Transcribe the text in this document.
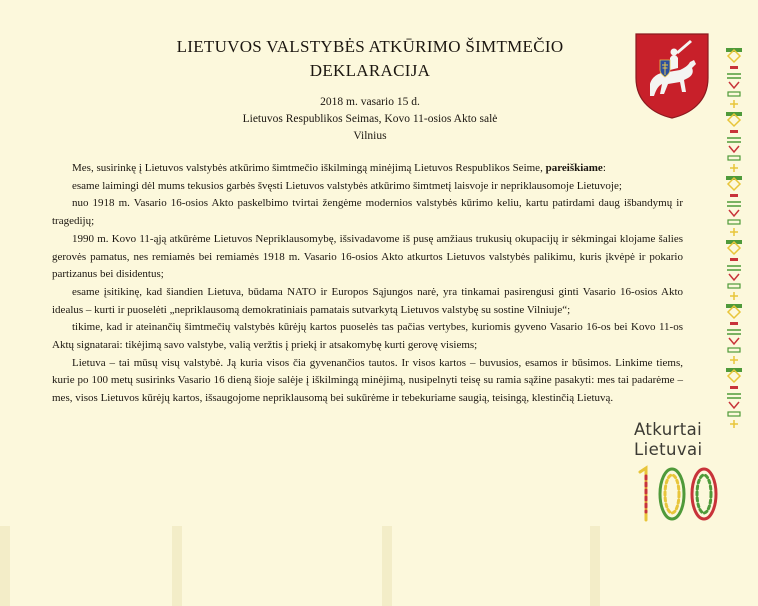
LIETUVOS VALSTYBĖS ATKŪRIMO ŠIMTMEČIO
DEKLARACIJA
2018 m. vasario 15 d.
Lietuvos Respublikos Seimas, Kovo 11-osios Akto salė
Vilnius

Mes, susirinkę į Lietuvos valstybės atkūrimo šimtmečio iškilmingą minėjimą Lietuvos Respublikos Seime, pareiškiame:

esame laimingi dėl mums tekusios garbės švęsti Lietuvos valstybės atkūrimo šimtmetį laisvoje ir nepriklausomoje Lietuvoje;

nuo 1918 m. Vasario 16-osios Akto paskelbimo tvirtai žengėme modernios valstybės kūrimo keliu, kartu patirdami daug išbandymų ir tragedijų;

1990 m. Kovo 11-ąją atkūrėme Lietuvos Nepriklausomybę, išsivadavome iš pusę amžiaus trukusių okupacijų ir sėkmingai klojame šalies gerovės pamatus, nes remiamės bei remiamės 1918 m. Vasario 16-osios Akto atkurtos Lietuvos valstybės palikimu, kuris įkvėpė ir pokario partizanus bei disidentus;

esame įsitikinę, kad šiandien Lietuva, būdama NATO ir Europos Sąjungos narė, yra tinkamai pasirengusi ginti Vasario 16-osios Akto idealus – kurti ir puoselėti „nepriklausomą demokratiniais pamatais sutvarkytą Lietuvos valstybę su sostine Vilniuje“;

tikime, kad ir ateinančių šimtmečių valstybės kūrėjų kartos puoselės tas pačias vertybes, kuriomis gyveno Vasario 16-os bei Kovo 11-os Aktų signatarai: tikėjimą savo valstybe, valią veržtis į priekį ir atsakomybę kurti gerovę visiems;

Lietuva – tai mūsų visų valstybė. Ją kuria visos čia gyvenančios tautos. Ir visos kartos – buvusios, esamos ir būsimos. Linkime tiems, kurie po 100 metų susirinks Vasario 16 dieną šioje salėje į iškilmingą minėjimą, nusipelnyti teisę su ramia sąžine pasakyti: mes tai padarėme – mes, visos Lietuvos kūrėjų kartos, išsaugojome nepriklausomą bei sukūrėme ir tebekuriame saugią, teisingą, klestinčią Lietuvą.

Atkurtai
Lietuvai
